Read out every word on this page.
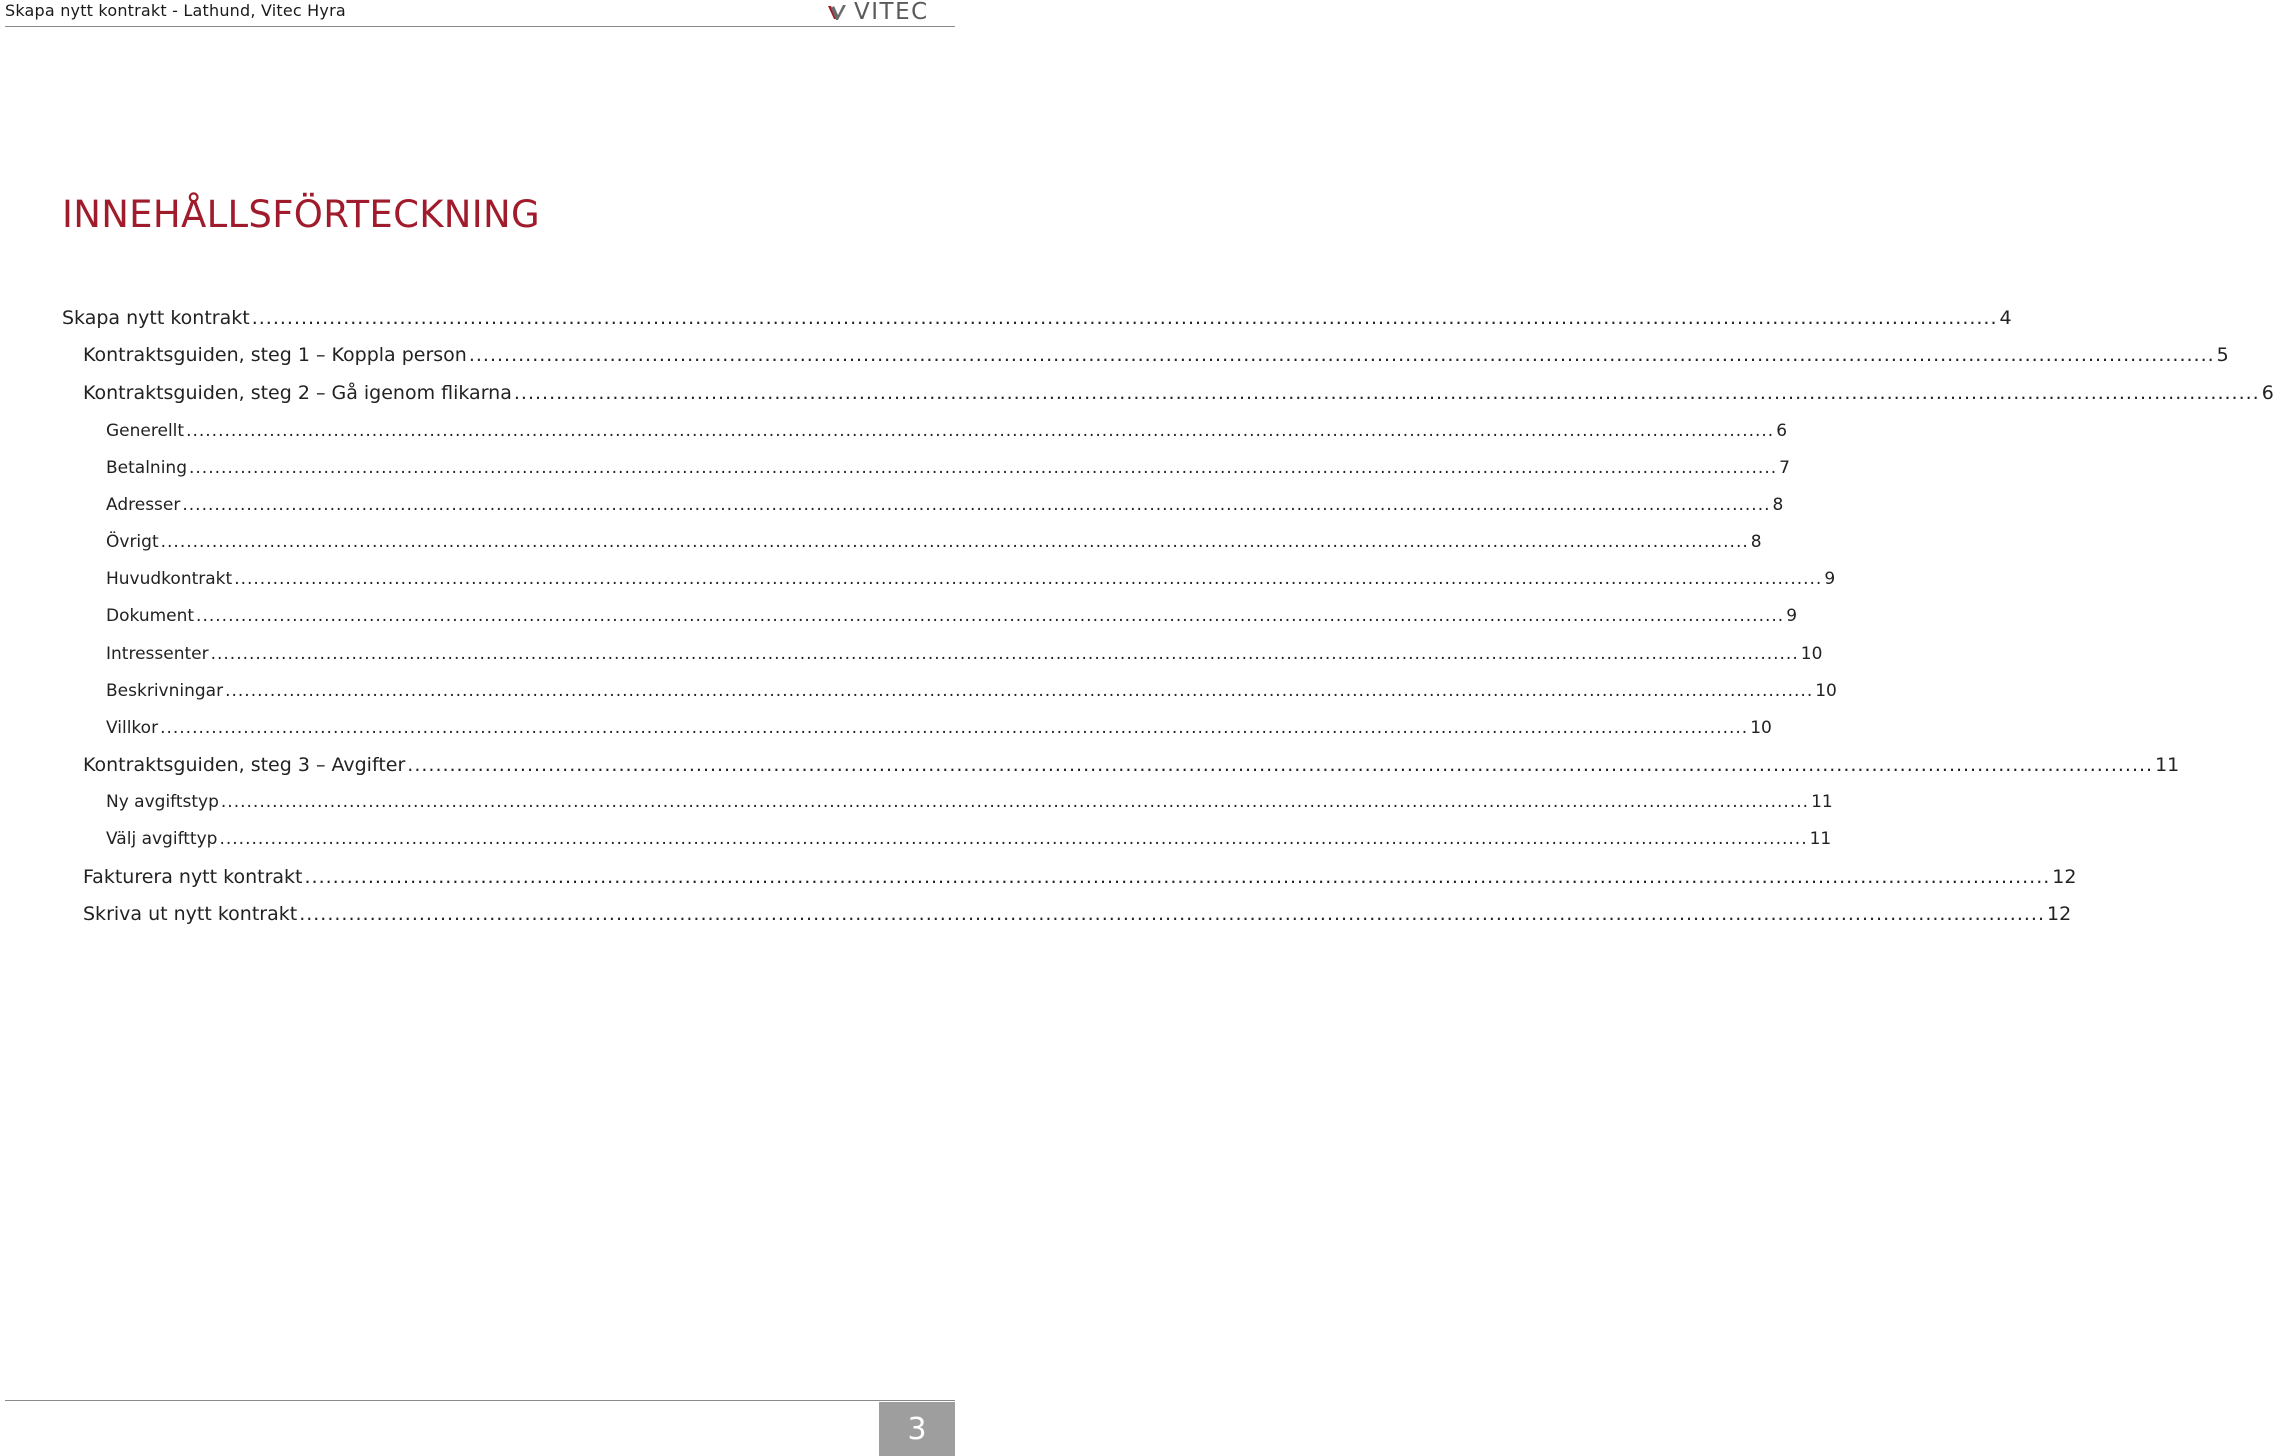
Skapa nytt kontrakt - Lathund, Vitec Hyra	VITEC
INNEHÅLLSFÖRTECKNING
Skapa nytt kontrakt ........................................................................................................................................................................................................................................................ 4
Kontraktsguiden, steg 1 – Koppla person ........................................................................................................................................................................................................................................................ 5
Kontraktsguiden, steg 2 – Gå igenom flikarna ........................................................................................................................................................................................................................................................ 6
Generellt ........................................................................................................................................................................................................................................................ 6
Betalning ........................................................................................................................................................................................................................................................ 7
Adresser ........................................................................................................................................................................................................................................................ 8
Övrigt ........................................................................................................................................................................................................................................................ 8
Huvudkontrakt ........................................................................................................................................................................................................................................................ 9
Dokument ........................................................................................................................................................................................................................................................ 9
Intressenter ........................................................................................................................................................................................................................................................ 10
Beskrivningar ........................................................................................................................................................................................................................................................ 10
Villkor ........................................................................................................................................................................................................................................................ 10
Kontraktsguiden, steg 3 – Avgifter ........................................................................................................................................................................................................................................................ 11
Ny avgiftstyp ........................................................................................................................................................................................................................................................ 11
Välj avgifttyp ........................................................................................................................................................................................................................................................ 11
Fakturera nytt kontrakt ........................................................................................................................................................................................................................................................ 12
Skriva ut nytt kontrakt ........................................................................................................................................................................................................................................................ 12
3
